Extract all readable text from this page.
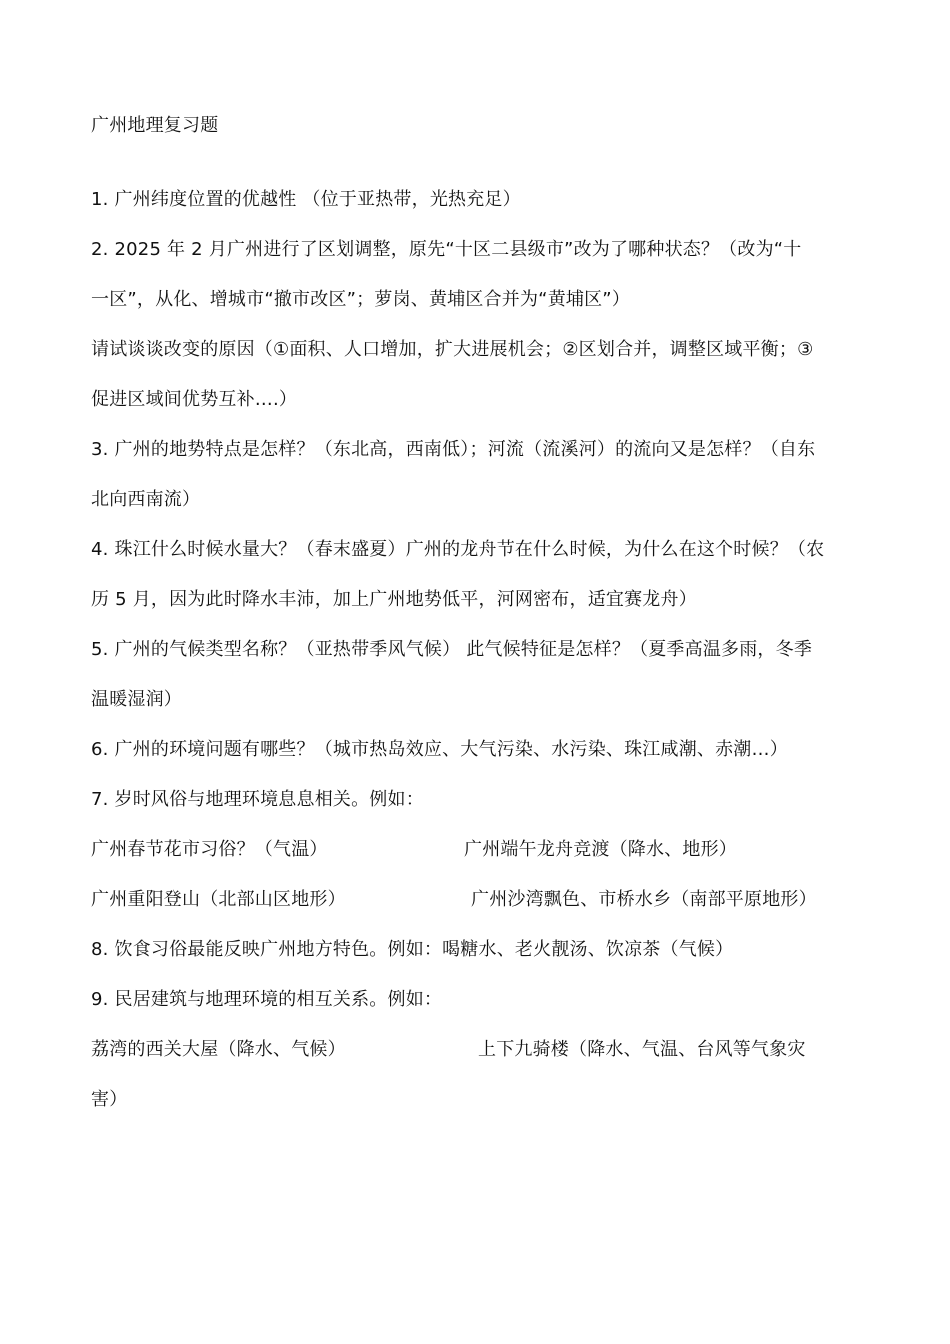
广州地理复习题
1. 广州纬度位置的优越性 （位于亚热带，光热充足）
2. 2025 年 2 月广州进行了区划调整，原先“十区二县级市”改为了哪种状态？（改为“十
一区”，从化、增城市“撤市改区”；萝岗、黄埔区合并为“黄埔区”）
请试谈谈改变的原因（①面积、人口增加，扩大进展机会；②区划合并，调整区域平衡；③
促进区域间优势互补….）
3. 广州的地势特点是怎样？（东北高，西南低）；河流（流溪河）的流向又是怎样？（自东
北向西南流）
4. 珠江什么时候水量大？（春末盛夏）广州的龙舟节在什么时候，为什么在这个时候？（农
历 5 月，因为此时降水丰沛，加上广州地势低平，河网密布，适宜赛龙舟）
5. 广州的气候类型名称？（亚热带季风气候） 此气候特征是怎样？（夏季高温多雨，冬季
温暖湿润）
6. 广州的环境问题有哪些？（城市热岛效应、大气污染、水污染、珠江咸潮、赤潮…）
7. 岁时风俗与地理环境息息相关。例如：
广州春节花市习俗？（气温）	广州端午龙舟竞渡（降水、地形）
广州重阳登山（北部山区地形）	广州沙湾飘色、市桥水乡（南部平原地形）
8. 饮食习俗最能反映广州地方特色。例如：喝糖水、老火靓汤、饮凉茶（气候）
9. 民居建筑与地理环境的相互关系。例如：
荔湾的西关大屋（降水、气候）	上下九骑楼（降水、气温、台风等气象灾
害）
